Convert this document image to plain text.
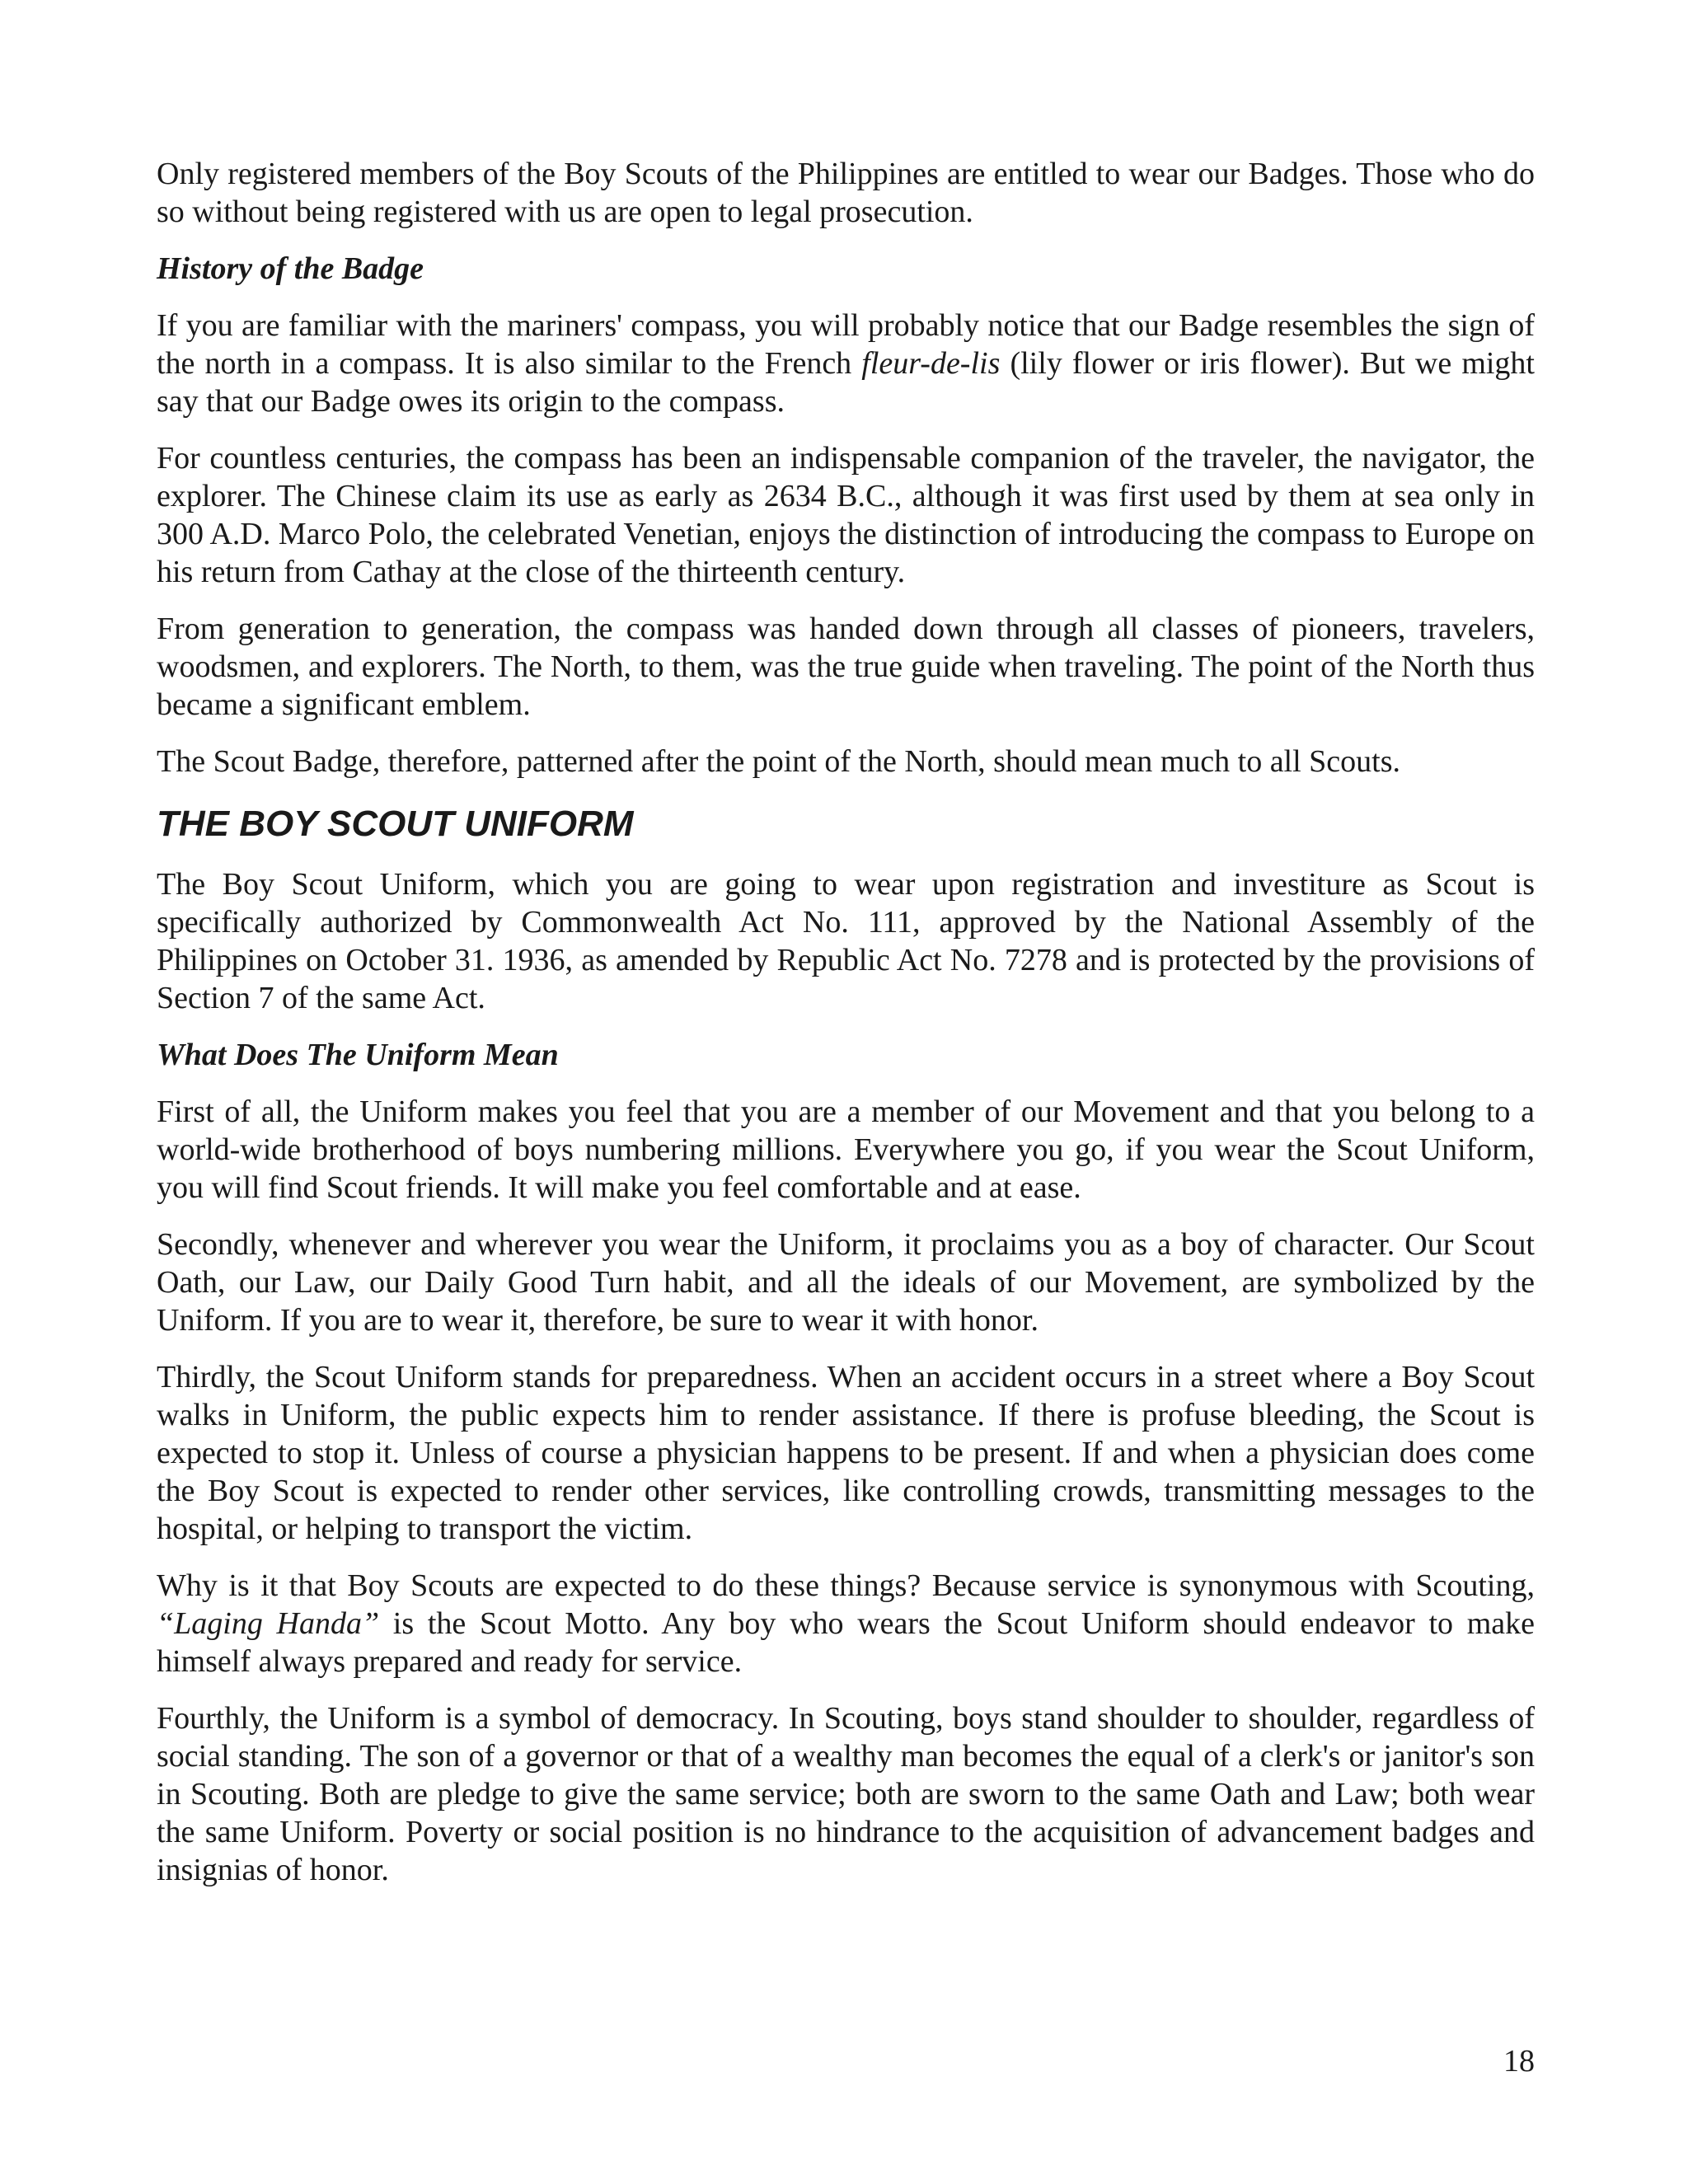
Only registered members of the Boy Scouts of the Philippines are entitled to wear our Badges. Those who do so without being registered with us are open to legal prosecution.

History of the Badge

If you are familiar with the mariners' compass, you will probably notice that our Badge resembles the sign of the north in a compass. It is also similar to the French fleur-de-lis (lily flower or iris flower). But we might say that our Badge owes its origin to the compass.

For countless centuries, the compass has been an indispensable companion of the traveler, the navigator, the explorer. The Chinese claim its use as early as 2634 B.C., although it was first used by them at sea only in 300 A.D. Marco Polo, the celebrated Venetian, enjoys the distinction of introducing the compass to Europe on his return from Cathay at the close of the thirteenth century.

From generation to generation, the compass was handed down through all classes of pioneers, travelers, woodsmen, and explorers. The North, to them, was the true guide when traveling. The point of the North thus became a significant emblem.

The Scout Badge, therefore, patterned after the point of the North, should mean much to all Scouts.

THE BOY SCOUT UNIFORM

The Boy Scout Uniform, which you are going to wear upon registration and investiture as Scout is specifically authorized by Commonwealth Act No. 111, approved by the National Assembly of the Philippines on October 31. 1936, as amended by Republic Act No. 7278 and is protected by the provisions of Section 7 of the same Act.

What Does The Uniform Mean

First of all, the Uniform makes you feel that you are a member of our Movement and that you belong to a world-wide brotherhood of boys numbering millions. Everywhere you go, if you wear the Scout Uniform, you will find Scout friends. It will make you feel comfortable and at ease.

Secondly, whenever and wherever you wear the Uniform, it proclaims you as a boy of character. Our Scout Oath, our Law, our Daily Good Turn habit, and all the ideals of our Movement, are symbolized by the Uniform. If you are to wear it, therefore, be sure to wear it with honor.

Thirdly, the Scout Uniform stands for preparedness. When an accident occurs in a street where a Boy Scout walks in Uniform, the public expects him to render assistance. If there is profuse bleeding, the Scout is expected to stop it. Unless of course a physician happens to be present. If and when a physician does come the Boy Scout is expected to render other services, like controlling crowds, transmitting messages to the hospital, or helping to transport the victim.

Why is it that Boy Scouts are expected to do these things? Because service is synonymous with Scouting, “Laging Handa” is the Scout Motto. Any boy who wears the Scout Uniform should endeavor to make himself always prepared and ready for service.

Fourthly, the Uniform is a symbol of democracy. In Scouting, boys stand shoulder to shoulder, regardless of social standing. The son of a governor or that of a wealthy man becomes the equal of a clerk's or janitor's son in Scouting. Both are pledge to give the same service; both are sworn to the same Oath and Law; both wear the same Uniform. Poverty or social position is no hindrance to the acquisition of advancement badges and insignias of honor.

18
